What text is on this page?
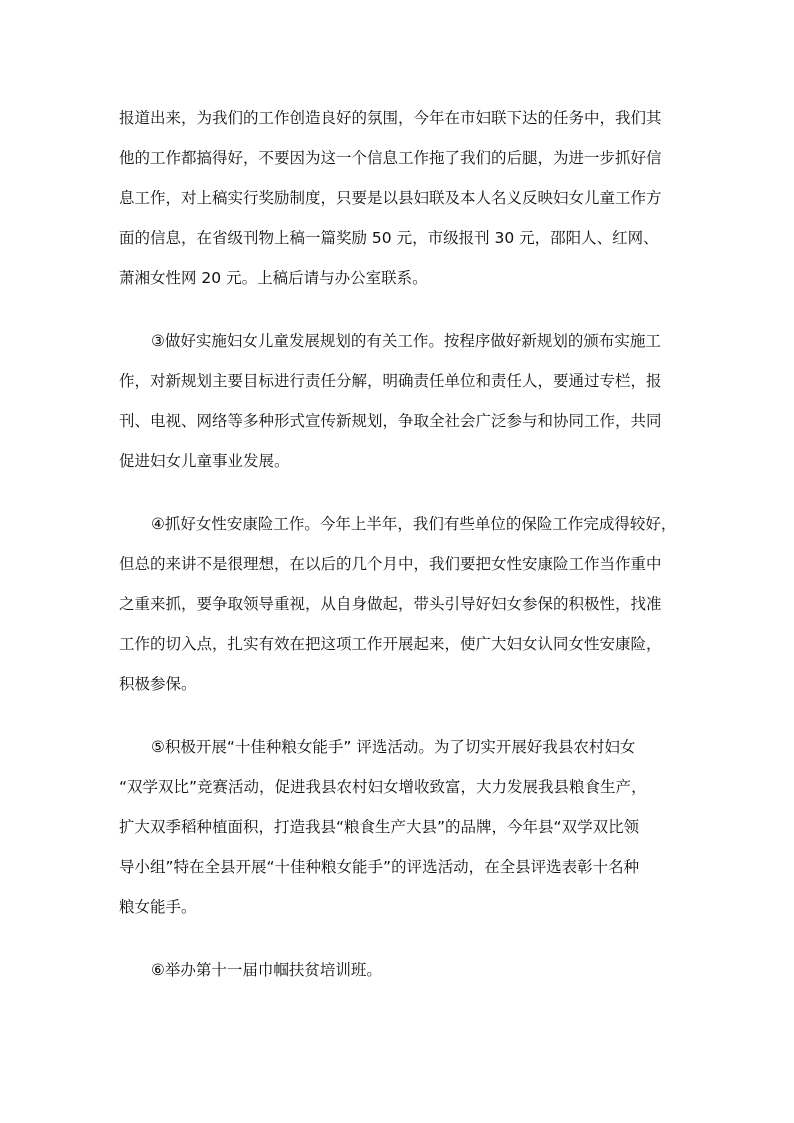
报道出来，为我们的工作创造良好的氛围，今年在市妇联下达的任务中，我们其
他的工作都搞得好，不要因为这一个信息工作拖了我们的后腿，为进一步抓好信
息工作，对上稿实行奖励制度，只要是以县妇联及本人名义反映妇女儿童工作方
面的信息，在省级刊物上稿一篇奖励 50 元，市级报刊 30 元，邵阳人、红网、
萧湘女性网 20 元。上稿后请与办公室联系。
③做好实施妇女儿童发展规划的有关工作。按程序做好新规划的颁布实施工
作，对新规划主要目标进行责任分解，明确责任单位和责任人，要通过专栏，报
刊、电视、网络等多种形式宣传新规划，争取全社会广泛参与和协同工作，共同
促进妇女儿童事业发展。
④抓好女性安康险工作。今年上半年，我们有些单位的保险工作完成得较好，
但总的来讲不是很理想，在以后的几个月中，我们要把女性安康险工作当作重中
之重来抓，要争取领导重视，从自身做起，带头引导好妇女参保的积极性，找准
工作的切入点，扎实有效在把这项工作开展起来，使广大妇女认同女性安康险，
积极参保。
⑤积极开展“十佳种粮女能手” 评选活动。为了切实开展好我县农村妇女
“双学双比”竞赛活动，促进我县农村妇女增收致富，大力发展我县粮食生产，
扩大双季稻种植面积，打造我县“粮食生产大县”的品牌，今年县“双学双比领
导小组”特在全县开展“十佳种粮女能手”的评选活动，在全县评选表彰十名种
粮女能手。
⑥举办第十一届巾帼扶贫培训班。
